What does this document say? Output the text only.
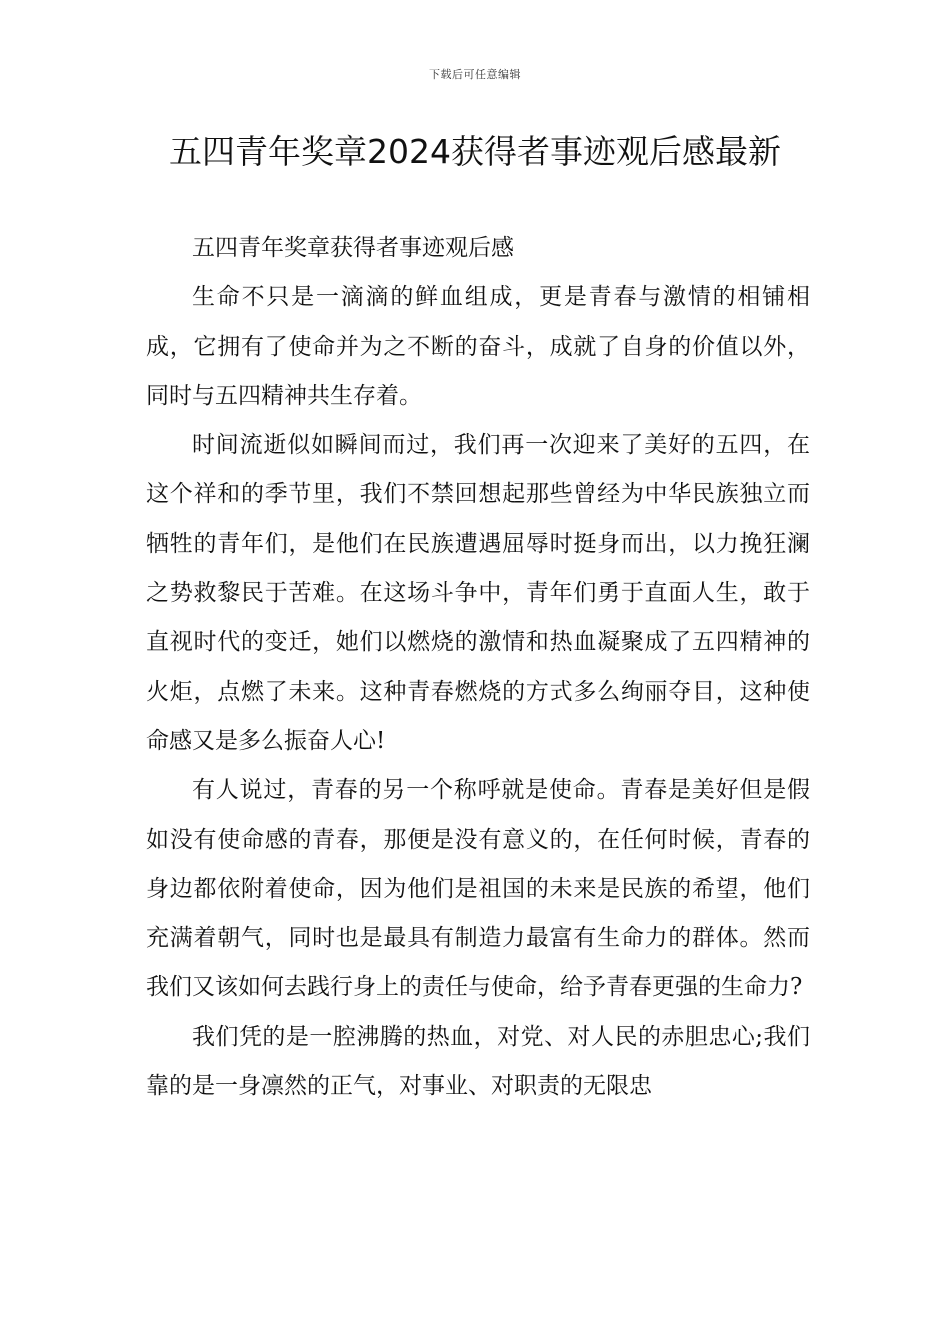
下载后可任意编辑
五四青年奖章2024获得者事迹观后感最新

五四青年奖章获得者事迹观后感

生命不只是一滴滴的鲜血组成，更是青春与激情的相铺相成，它拥有了使命并为之不断的奋斗，成就了自身的价值以外，同时与五四精神共生存着。

时间流逝似如瞬间而过，我们再一次迎来了美好的五四，在这个祥和的季节里，我们不禁回想起那些曾经为中华民族独立而牺牲的青年们，是他们在民族遭遇屈辱时挺身而出，以力挽狂澜之势救黎民于苦难。在这场斗争中，青年们勇于直面人生，敢于直视时代的变迁，她们以燃烧的激情和热血凝聚成了五四精神的火炬，点燃了未来。这种青春燃烧的方式多么绚丽夺目，这种使命感又是多么振奋人心!

有人说过，青春的另一个称呼就是使命。青春是美好但是假如没有使命感的青春，那便是没有意义的，在任何时候，青春的身边都依附着使命，因为他们是祖国的未来是民族的希望，他们充满着朝气，同时也是最具有制造力最富有生命力的群体。然而我们又该如何去践行身上的责任与使命，给予青春更强的生命力?

我们凭的是一腔沸腾的热血，对党、对人民的赤胆忠心;我们靠的是一身凛然的正气，对事业、对职责的无限忠
